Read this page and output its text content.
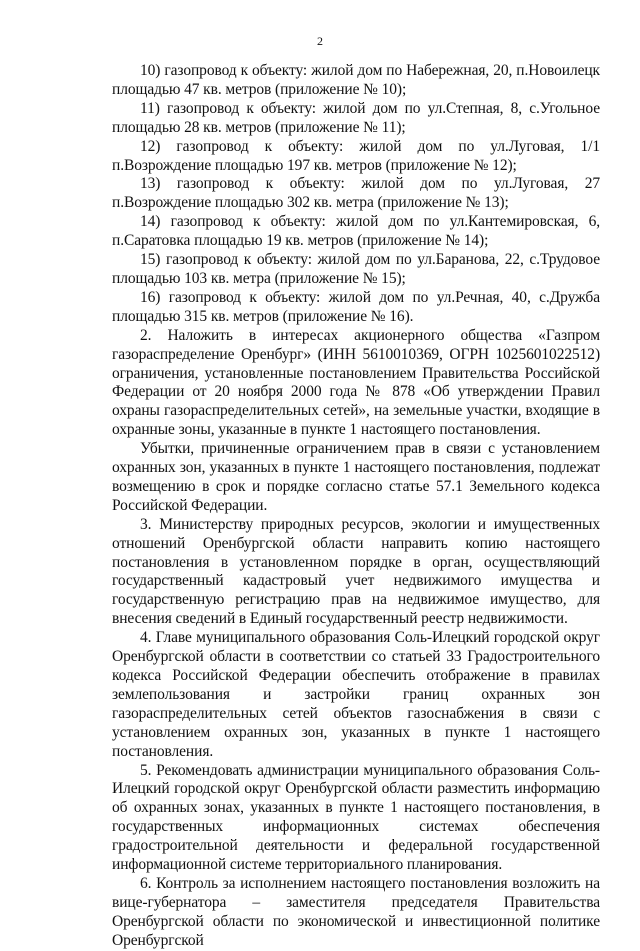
2

10) газопровод к объекту: жилой дом по Набережная, 20, п.Новоилецк площадью 47 кв. метров (приложение № 10);

11) газопровод к объекту: жилой дом по ул.Степная, 8, с.Угольное площадью 28 кв. метров (приложение № 11);

12) газопровод к объекту: жилой дом по ул.Луговая, 1/1 п.Возрождение площадью 197 кв. метров (приложение № 12);

13) газопровод к объекту: жилой дом по ул.Луговая, 27 п.Возрождение площадью 302 кв. метра (приложение № 13);

14) газопровод к объекту: жилой дом по ул.Кантемировская, 6, п.Саратовка площадью 19 кв. метров (приложение № 14);

15) газопровод к объекту: жилой дом по ул.Баранова, 22, с.Трудовое площадью 103 кв. метра (приложение № 15);

16) газопровод к объекту: жилой дом по ул.Речная, 40, с.Дружба площадью 315 кв. метров (приложение № 16).

2. Наложить в интересах акционерного общества «Газпром газораспределение Оренбург» (ИНН 5610010369, ОГРН 1025601022512) ограничения, установленные постановлением Правительства Российской Федерации от 20 ноября 2000 года № 878 «Об утверждении Правил охраны газораспределительных сетей», на земельные участки, входящие в охранные зоны, указанные в пункте 1 настоящего постановления.

Убытки, причиненные ограничением прав в связи с установлением охранных зон, указанных в пункте 1 настоящего постановления, подлежат возмещению в срок и порядке согласно статье 57.1 Земельного кодекса Российской Федерации.

3. Министерству природных ресурсов, экологии и имущественных отношений Оренбургской области направить копию настоящего постановления в установленном порядке в орган, осуществляющий государственный кадастровый учет недвижимого имущества и государственную регистрацию прав на недвижимое имущество, для внесения сведений в Единый государственный реестр недвижимости.

4. Главе муниципального образования Соль-Илецкий городской округ Оренбургской области в соответствии со статьей 33 Градостроительного кодекса Российской Федерации обеспечить отображение в правилах землепользования и застройки границ охранных зон газораспределительных сетей объектов газоснабжения в связи с установлением охранных зон, указанных в пункте 1 настоящего постановления.

5. Рекомендовать администрации муниципального образования Соль-Илецкий городской округ Оренбургской области разместить информацию об охранных зонах, указанных в пункте 1 настоящего постановления, в государственных информационных системах обеспечения градостроительной деятельности и федеральной государственной информационной системе территориального планирования.

6. Контроль за исполнением настоящего постановления возложить на вице-губернатора – заместителя председателя Правительства Оренбургской области по экономической и инвестиционной политике Оренбургской
